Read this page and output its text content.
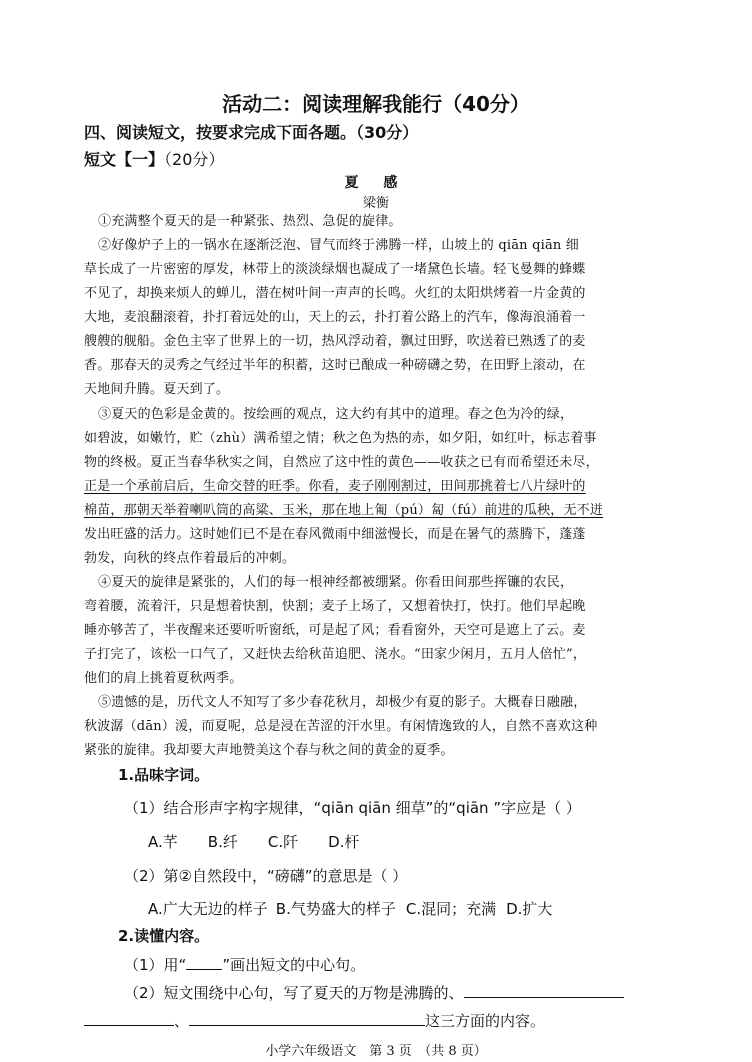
活动二：阅读理解我能行（40分）
四、阅读短文，按要求完成下面各题。（30分）
短文【一】（20分）
夏 感
梁衡
①充满整个夏天的是一种紧张、热烈、急促的旋律。
②好像炉子上的一锅水在逐渐泛泡、冒气而终于沸腾一样，山坡上的 qiān qiān 细
草长成了一片密密的厚发，林带上的淡淡绿烟也凝成了一堵黛色长墙。轻飞曼舞的蜂蝶
不见了，却换来烦人的蝉儿，潜在树叶间一声声的长鸣。火红的太阳烘烤着一片金黄的
大地，麦浪翻滚着，扑打着远处的山，天上的云，扑打着公路上的汽车，像海浪涌着一
艘艘的舰船。金色主宰了世界上的一切，热风浮动着，飘过田野，吹送着已熟透了的麦
香。那春天的灵秀之气经过半年的积蓄，这时已酿成一种磅礴之势，在田野上滚动，在
天地间升腾。夏天到了。
③夏天的色彩是金黄的。按绘画的观点，这大约有其中的道理。春之色为冷的绿，
如碧波，如嫩竹，贮（zhù）满希望之情；秋之色为热的赤，如夕阳，如红叶，标志着事
物的终极。夏正当春华秋实之间，自然应了这中性的黄色——收获之已有而希望还未尽，
正是一个承前启后，生命交替的旺季。你看，麦子刚刚割过，田间那挑着七八片绿叶的
棉苗，那朝天举着喇叭筒的高粱、玉米，那在地上匍（pú）匐（fú）前进的瓜秧，无不迸
发出旺盛的活力。这时她们已不是在春风微雨中细滋慢长，而是在暑气的蒸腾下，蓬蓬
勃发，向秋的终点作着最后的冲刺。
④夏天的旋律是紧张的，人们的每一根神经都被绷紧。你看田间那些挥镰的农民，
弯着腰，流着汗，只是想着快割，快割；麦子上场了，又想着快打，快打。他们早起晚
睡亦够苦了，半夜醒来还要听听窗纸，可是起了风；看看窗外，天空可是遮上了云。麦
子打完了，该松一口气了，又赶快去给秋苗追肥、浇水。“田家少闲月，五月人倍忙”，
他们的肩上挑着夏秋两季。
⑤遗憾的是，历代文人不知写了多少春花秋月，却极少有夏的影子。大概春日融融，
秋波潺（dān）湲，而夏呢，总是浸在苦涩的汗水里。有闲情逸致的人，自然不喜欢这种
紧张的旋律。我却要大声地赞美这个春与秋之间的黄金的夏季。
1.品味字词。
（1）结合形声字构字规律，“qiān qiān 细草”的“qiān ”字应是（ ）
A.芊 B.纤 C.阡 D.杆
（2）第②自然段中，“磅礴”的意思是（ ）
A.广大无边的样子 B.气势盛大的样子 C.混同；充满 D.扩大
2.读懂内容。
（1）用“ ”画出短文的中心句。
（2）短文围绕中心句，写了夏天的万物是沸腾的、
、	这三方面的内容。
小学六年级语文　第 3 页　（共 8 页）
